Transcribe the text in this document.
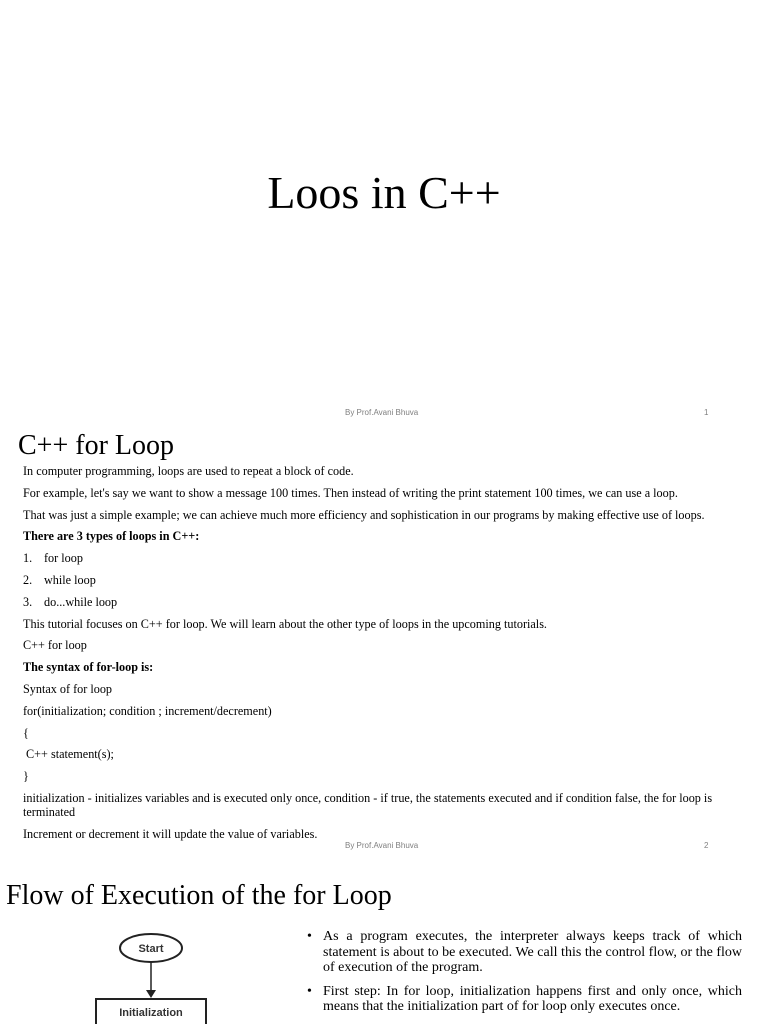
Loos in C++
By Prof.Avani Bhuva	1
C++ for Loop

In computer programming, loops are used to repeat a block of code.

For example, let's say we want to show a message 100 times. Then instead of writing the print statement 100 times, we can use a loop.

That was just a simple example; we can achieve much more efficiency and sophistication in our programs by making effective use of loops.

There are 3 types of loops in C++:

1. for loop

2. while loop

3. do...while loop

This tutorial focuses on C++ for loop. We will learn about the other type of loops in the upcoming tutorials.

C++ for loop

The syntax of for-loop is:

Syntax of for loop

for(initialization; condition ; increment/decrement)

{

C++ statement(s);

}

initialization - initializes variables and is executed only once, condition - if true, the statements executed and if condition false, the for loop is terminated

Increment or decrement it will update the value of variables.

By Prof.Avani Bhuva	2
Flow of Execution of the for Loop
Start
Initialization
• As a program executes, the interpreter always keeps track of which statement is about to be executed. We call this the control flow, or the flow of execution of the program.
• First step: In for loop, initialization happens first and only once, which means that the initialization part of for loop only executes once.
